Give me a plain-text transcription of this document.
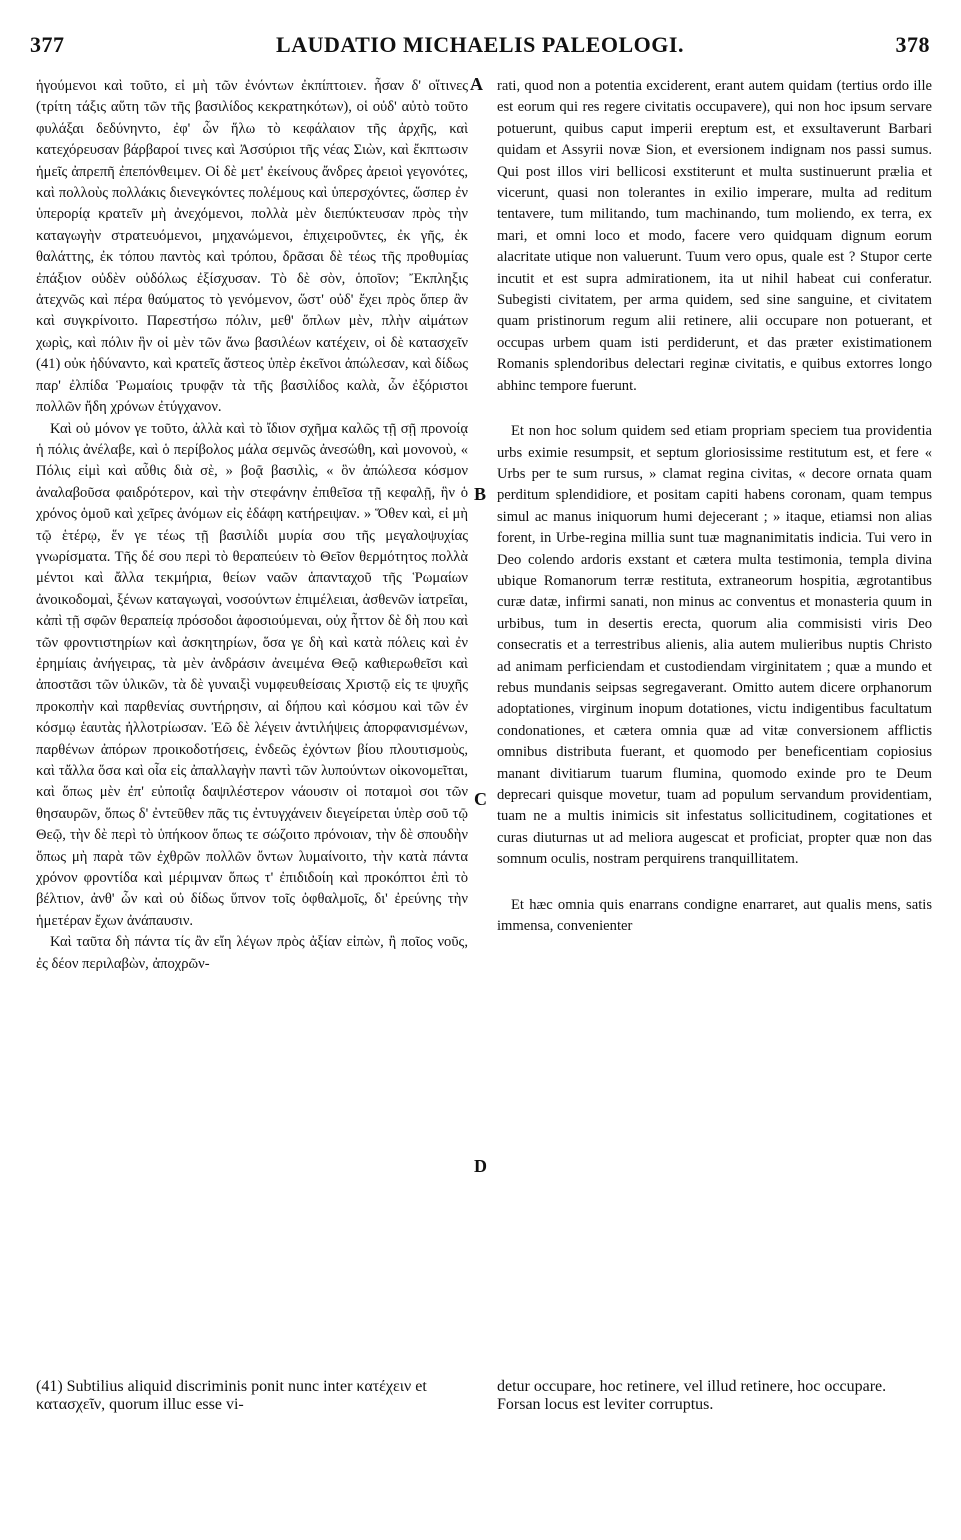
377	LAUDATIO MICHAELIS PALEOLOGI.	378

ἡγούμενοι καὶ τοῦτο, εἰ μὴ τῶν ἐνόντων ἐκπίπτοιεν. ἦσαν δ' οἵτινες (τρίτη τάξις αὕτη τῶν τῆς βασιλίδος κεκρατηκότων), οἱ οὐδ' αὐτὸ τοῦτο φυλάξαι δεδύνηντο, ἐφ' ὧν ἥλω τὸ κεφάλαιον τῆς ἀρχῆς, καὶ κατεχόρευσαν βάρβαροί τινες καὶ Ἀσσύριοι τῆς νέας Σιὼν, καὶ ἔκπτωσιν ἡμεῖς ἀπρεπῆ ἐπεπόνθειμεν. Οἱ δὲ μετ' ἐκείνους ἄνδρες ἀρειοὶ γεγονότες, καὶ πολλοὺς πολλάκις διενεγκόντες πολέμους καὶ ὑπερσχόντες, ὥσπερ ἐν ὑπερορίᾳ κρατεῖν μὴ ἀνεχόμενοι, πολλὰ μὲν διεπύκτευσαν πρὸς τὴν καταγωγὴν στρατευόμενοι, μηχανώμενοι, ἐπιχειροῦντες, ἐκ γῆς, ἐκ θαλάττης, ἐκ τόπου παντὸς καὶ τρόπου, δρᾶσαι δὲ τέως τῆς προθυμίας ἐπάξιον οὐδὲν οὐδόλως ἐξίσχυσαν. Τὸ δὲ σὸν, ὁποῖον; Ἔκπληξις ἀτεχνῶς καὶ πέρα θαύματος τὸ γενόμενον, ὥστ' οὐδ' ἔχει πρὸς ὅπερ ἂν καὶ συγκρίνοιτο. Παρεστήσω πόλιν, μεθ' ὅπλων μὲν, πλὴν αἱμάτων χωρὶς, καὶ πόλιν ἣν οἱ μὲν τῶν ἄνω βασιλέων κατέχειν, οἱ δὲ κατασχεῖν (41) οὐκ ἠδύναντο, καὶ κρατεῖς ἄστεος ὑπὲρ ἐκεῖνοι ἀπώλεσαν, καὶ δίδως παρ' ἐλπίδα Ῥωμαίοις τρυφᾷν τὰ τῆς βασιλίδος καλὰ, ὧν ἐξόριστοι πολλῶν ἤδη χρόνων ἐτύγχανον.

Καὶ οὐ μόνον γε τοῦτο, ἀλλὰ καὶ τὸ ἴδιον σχῆμα καλῶς τῇ σῇ προνοίᾳ ἡ πόλις ἀνέλαβε, καὶ ὁ περίβολος μάλα σεμνῶς ἀνεσώθη, καὶ μονονοὺ, « Πόλις εἰμὶ καὶ αὖθις διὰ σὲ, » βοᾷ βασιλὶς, « ὃν ἀπώλεσα κόσμον ἀναλαβοῦσα φαιδρότερον, καὶ τὴν στεφάνην ἐπιθεῖσα τῇ κεφαλῇ, ἣν ὁ χρόνος ὁμοῦ καὶ χεῖρες ἀνόμων εἰς ἐδάφη κατήρειψαν. » Ὅθεν καὶ, εἰ μὴ τῷ ἑτέρῳ, ἕν γε τέως τῇ βασιλίδι μυρία σου τῆς μεγαλοψυχίας γνωρίσματα. Τῆς δέ σου περὶ τὸ θεραπεύειν τὸ Θεῖον θερμότητος πολλὰ μέντοι καὶ ἄλλα τεκμήρια, θείων ναῶν ἁπανταχοῦ τῆς Ῥωμαίων ἀνοικοδομαὶ, ξένων καταγωγαὶ, νοσούντων ἐπιμέλειαι, ἀσθενῶν ἰατρεῖαι, κἀπὶ τῇ σφῶν θεραπείᾳ πρόσοδοι ἀφοσιούμεναι, οὐχ ἧττον δὲ δὴ που καὶ τῶν φροντιστηρίων καὶ ἀσκητηρίων, ὅσα γε δὴ καὶ κατὰ πόλεις καὶ ἐν ἐρημίαις ἀνήγειρας, τὰ μὲν ἀνδράσιν ἀνειμένα Θεῷ καθιερωθεῖσι καὶ ἀποστᾶσι τῶν ὑλικῶν, τὰ δὲ γυναιξὶ νυμφευθείσαις Χριστῷ εἰς τε ψυχῆς προκοπὴν καὶ παρθενίας συντήρησιν, αἱ δήπου καὶ κόσμου καὶ τῶν ἐν κόσμῳ ἑαυτὰς ἠλλοτρίωσαν. Ἐῶ δὲ λέγειν ἀντιλήψεις ἀπορφανισμένων, παρθένων ἀπόρων προικοδοτήσεις, ἐνδεῶς ἐχόντων βίου πλουτισμοὺς, καὶ τἄλλα ὅσα καὶ οἷα εἰς ἀπαλλαγὴν παντὶ τῶν λυπούντων οἰκονομεῖται, καὶ ὅπως μὲν ἐπ' εὐποιΐᾳ δαψιλέστερον νάουσιν οἱ ποταμοὶ σοι τῶν θησαυρῶν, ὅπως δ' ἐντεῦθεν πᾶς τις ἐντυγχάνειν διεγείρεται ὑπὲρ σοῦ τῷ Θεῷ, τὴν δὲ περὶ τὸ ὑπήκοον ὅπως τε σώζοιτο πρόνοιαν, τὴν δὲ σπουδὴν ὅπως μὴ παρὰ τῶν ἐχθρῶν πολλῶν ὄντων λυμαίνοιτο, τὴν κατὰ πάντα χρόνον φροντίδα καὶ μέριμναν ὅπως τ' ἐπιδιδοίη καὶ προκόπτοι ἐπὶ τὸ βέλτιον, ἀνθ' ὧν καὶ οὐ δίδως ὕπνον τοῖς ὀφθαλμοῖς, δι' ἐρεύνης τὴν ἡμετέραν ἔχων ἀνάπαυσιν.

Καὶ ταῦτα δὴ πάντα τίς ἂν εἴη λέγων πρὸς ἀξίαν εἰπὼν, ἢ ποῖος νοῦς, ἐς δέον περιλαβὼν, ἀποχρῶν-

rati, quod non a potentia exciderent, erant autem quidam (tertius ordo ille est eorum qui res regere civitatis occupavere), qui non hoc ipsum servare potuerunt, quibus caput imperii ereptum est, et exsultaverunt Barbari quidam et Assyrii novæ Sion, et eversionem indignam nos passi sumus. Qui post illos viri bellicosi exstiterunt et multa sustinuerunt prælia et vicerunt, quasi non tolerantes in exilio imperare, multa ad reditum tentavere, tum militando, tum machinando, tum moliendo, ex terra, ex mari, et omni loco et modo, facere vero quidquam dignum eorum alacritate utique non valuerunt. Tuum vero opus, quale est ? Stupor certe incutit et est supra admirationem, ita ut nihil habeat cui conferatur. Subegisti civitatem, per arma quidem, sed sine sanguine, et civitatem quam pristinorum regum alii retinere, alii occupare non potuerant, et occupas urbem quam isti perdiderunt, et das præter existimationem Romanis splendoribus delectari reginæ civitatis, e quibus extorres longo abhinc tempore fuerunt.

Et non hoc solum quidem sed etiam propriam speciem tua providentia urbs eximie resumpsit, et septum gloriosissime restitutum est, et fere « Urbs per te sum rursus, » clamat regina civitas, « decore ornata quam perditum splendidiore, et positam capiti habens coronam, quam tempus simul ac manus iniquorum humi dejecerant ; » itaque, etiamsi non alias forent, in Urbe-regina millia sunt tuæ magnanimitatis indicia. Tui vero in Deo colendo ardoris exstant et cætera multa testimonia, templa divina ubique Romanorum terræ restituta, extraneorum hospitia, ægrotantibus curæ datæ, infirmi sanati, non minus ac conventus et monasteria quum in urbibus, tum in desertis erecta, quorum alia commisisti viris Deo consecratis et a terrestribus alienis, alia autem mulieribus nuptis Christo ad animam perficiendam et custodiendam virginitatem ; quæ a mundo et rebus mundanis seipsas segregaverant. Omitto autem dicere orphanorum adoptationes, virginum inopum dotationes, victu indigentibus facultatum condonationes, et cætera omnia quæ ad vitæ conversionem afflictis omnibus distributa fuerant, et quomodo per beneficentiam copiosius manant divitiarum tuarum flumina, quomodo exinde pro te Deum deprecari quisque movetur, tuam ad populum servandum providentiam, tuam ne a multis inimicis sit infestatus sollicitudinem, cogitationes et curas diuturnas ut ad meliora augescat et proficiat, propter quæ non das somnum oculis, nostram perquirens tranquillitatem.

Et hæc omnia quis enarrans condigne enarraret, aut qualis mens, satis immensa, convenienter

A
B
C
D
(41) Subtilius aliquid discriminis ponit nunc inter κατέχειν et κατασχεῖν, quorum illuc esse vi-
detur occupare, hoc retinere, vel illud retinere, hoc occupare. Forsan locus est leviter corruptus.
